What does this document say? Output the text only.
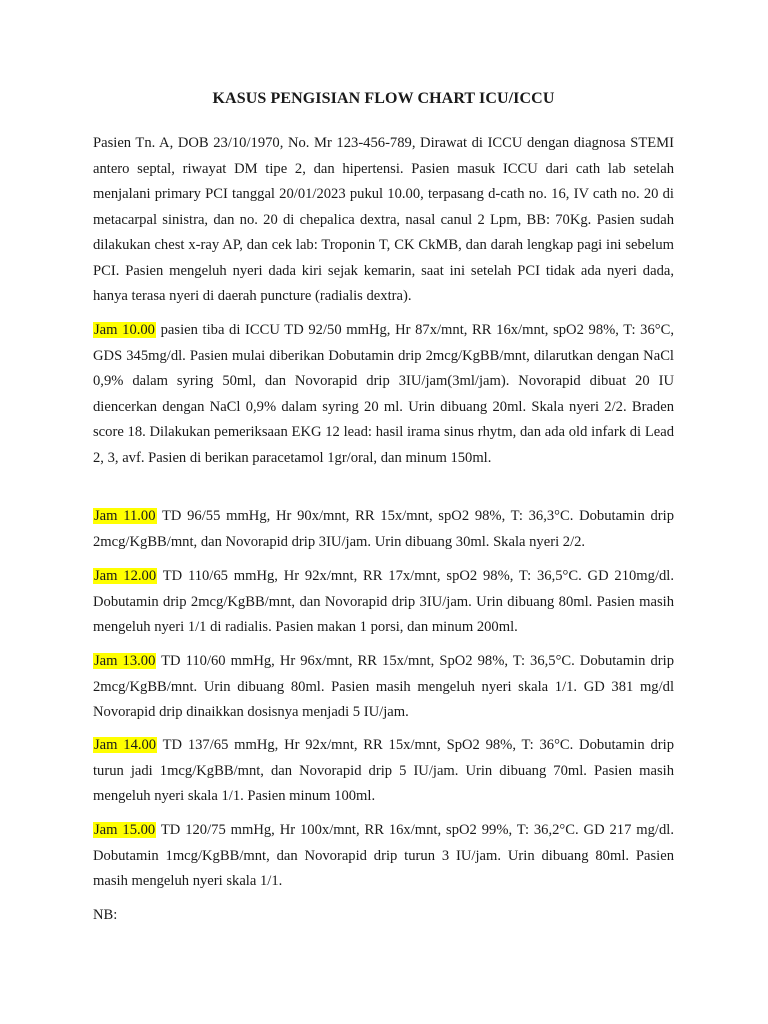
KASUS PENGISIAN FLOW CHART ICU/ICCU

Pasien Tn. A, DOB 23/10/1970, No. Mr 123-456-789, Dirawat di ICCU dengan diagnosa STEMI antero septal, riwayat DM tipe 2, dan hipertensi. Pasien masuk ICCU dari cath lab setelah menjalani primary PCI tanggal 20/01/2023 pukul 10.00, terpasang d-cath no. 16, IV cath no. 20 di metacarpal sinistra, dan no. 20 di chepalica dextra, nasal canul 2 Lpm, BB: 70Kg. Pasien sudah dilakukan chest x-ray AP, dan cek lab: Troponin T, CK CkMB, dan darah lengkap pagi ini sebelum PCI. Pasien mengeluh nyeri dada kiri sejak kemarin, saat ini setelah PCI tidak ada nyeri dada, hanya terasa nyeri di daerah puncture (radialis dextra).

Jam 10.00 pasien tiba di ICCU TD 92/50 mmHg, Hr 87x/mnt, RR 16x/mnt, spO2 98%, T: 36°C, GDS 345mg/dl. Pasien mulai diberikan Dobutamin drip 2mcg/KgBB/mnt, dilarutkan dengan NaCl 0,9% dalam syring 50ml, dan Novorapid drip 3IU/jam(3ml/jam). Novorapid dibuat 20 IU diencerkan dengan NaCl 0,9% dalam syring 20 ml. Urin dibuang 20ml. Skala nyeri 2/2. Braden score 18. Dilakukan pemeriksaan EKG 12 lead: hasil irama sinus rhytm, dan ada old infark di Lead 2, 3, avf. Pasien di berikan paracetamol 1gr/oral, dan minum 150ml.

Jam 11.00 TD 96/55 mmHg, Hr 90x/mnt, RR 15x/mnt, spO2 98%, T: 36,3°C. Dobutamin drip 2mcg/KgBB/mnt, dan Novorapid drip 3IU/jam. Urin dibuang 30ml. Skala nyeri 2/2.

Jam 12.00 TD 110/65 mmHg, Hr 92x/mnt, RR 17x/mnt, spO2 98%, T: 36,5°C. GD 210mg/dl. Dobutamin drip 2mcg/KgBB/mnt, dan Novorapid drip 3IU/jam. Urin dibuang 80ml. Pasien masih mengeluh nyeri 1/1 di radialis. Pasien makan 1 porsi, dan minum 200ml.

Jam 13.00 TD 110/60 mmHg, Hr 96x/mnt, RR 15x/mnt, SpO2 98%, T: 36,5°C. Dobutamin drip 2mcg/KgBB/mnt. Urin dibuang 80ml. Pasien masih mengeluh nyeri skala 1/1. GD 381 mg/dl Novorapid drip dinaikkan dosisnya menjadi 5 IU/jam.

Jam 14.00 TD 137/65 mmHg, Hr 92x/mnt, RR 15x/mnt, SpO2 98%, T: 36°C. Dobutamin drip turun jadi 1mcg/KgBB/mnt, dan Novorapid drip 5 IU/jam. Urin dibuang 70ml. Pasien masih mengeluh nyeri skala 1/1. Pasien minum 100ml.

Jam 15.00 TD 120/75 mmHg, Hr 100x/mnt, RR 16x/mnt, spO2 99%, T: 36,2°C. GD 217 mg/dl. Dobutamin 1mcg/KgBB/mnt, dan Novorapid drip turun 3 IU/jam. Urin dibuang 80ml. Pasien masih mengeluh nyeri skala 1/1.

NB:
